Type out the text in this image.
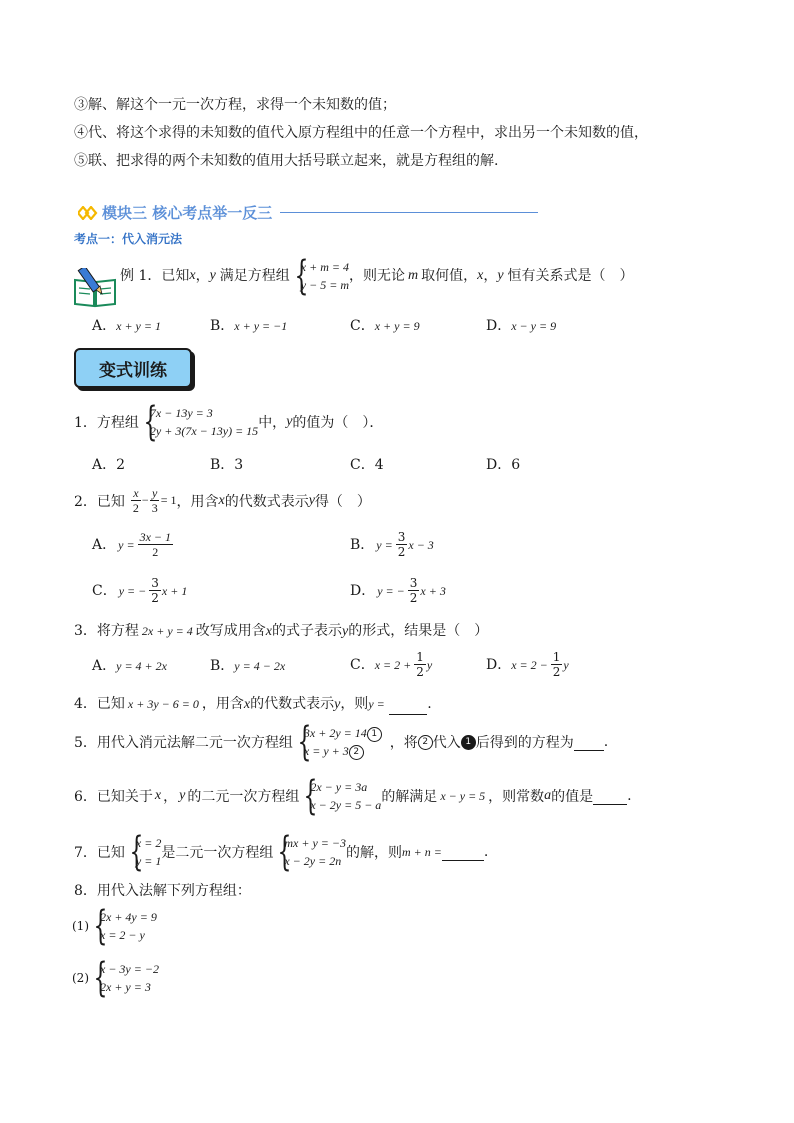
③解、解这个一元一次方程，求得一个未知数的值；
④代、将这个求得的未知数的值代入原方程组中的任意一个方程中，求出另一个未知数的值，
⑤联、把求得的两个未知数的值用大括号联立起来，就是方程组的解.
模块三 核心考点举一反三
考点一：代入消元法
例 1．已知 x ， y 满足方程组 {
x + m = 4
y − 5 = m
，则无论 m 取何值， x ， y 恒有关系式是（　）
A．x + y = 1	B．x + y = −1	C．x + y = 9	D．x − y = 9
变式训练
1．方程组 {
7x − 13y = 3
2y + 3(7x − 13y) = 15 中， y 的值为（　）．
A．2	B．3	C．4	D．6
2．已知 $\frac{x}{2} - \frac{y}{3} = 1$ ，用含 x 的代数式表示 y 得（　）
A． $y = \frac{3x - 1}{2}$	B． $y = \frac{3}{2}$ x − 3
C． y = − $\frac{3}{2}$ x + 1	D． y = − $\frac{3}{2}$ x + 3
3．将方程 2x + y = 4 改写成用含x的式子表示y的形式，结果是（　）
A．y = 4 + 2x	B．y = 4 − 2x	C． $x = 2 + \frac{1}{2}$ y	D． $x = 2 - \frac{1}{2}$ y
4．已知 x + 3y − 6 = 0 ，用含x的代数式表示y，则y =	.
5．用代入消元法解二元一次方程组 {
3x + 2y = 14 1
x = y + 3 2
，将 2 代入 1 后得到的方程为 .
6．已知关于 x ， y 的二元一次方程组 {
2x − y = 3a
x − 2y = 5 − a 的解满足 x − y = 5 ，则常数 a 的值是 .
7．已知 {
x = 2
y = 1 是二元一次方程组 {
mx + y = −3
x − 2y = 2n 的解，则 m + n =	.
8．用代入法解下列方程组：
(1) {
2x + 4y = 9
x = 2 − y
(2) {
x − 3y = −2
2x + y = 3
